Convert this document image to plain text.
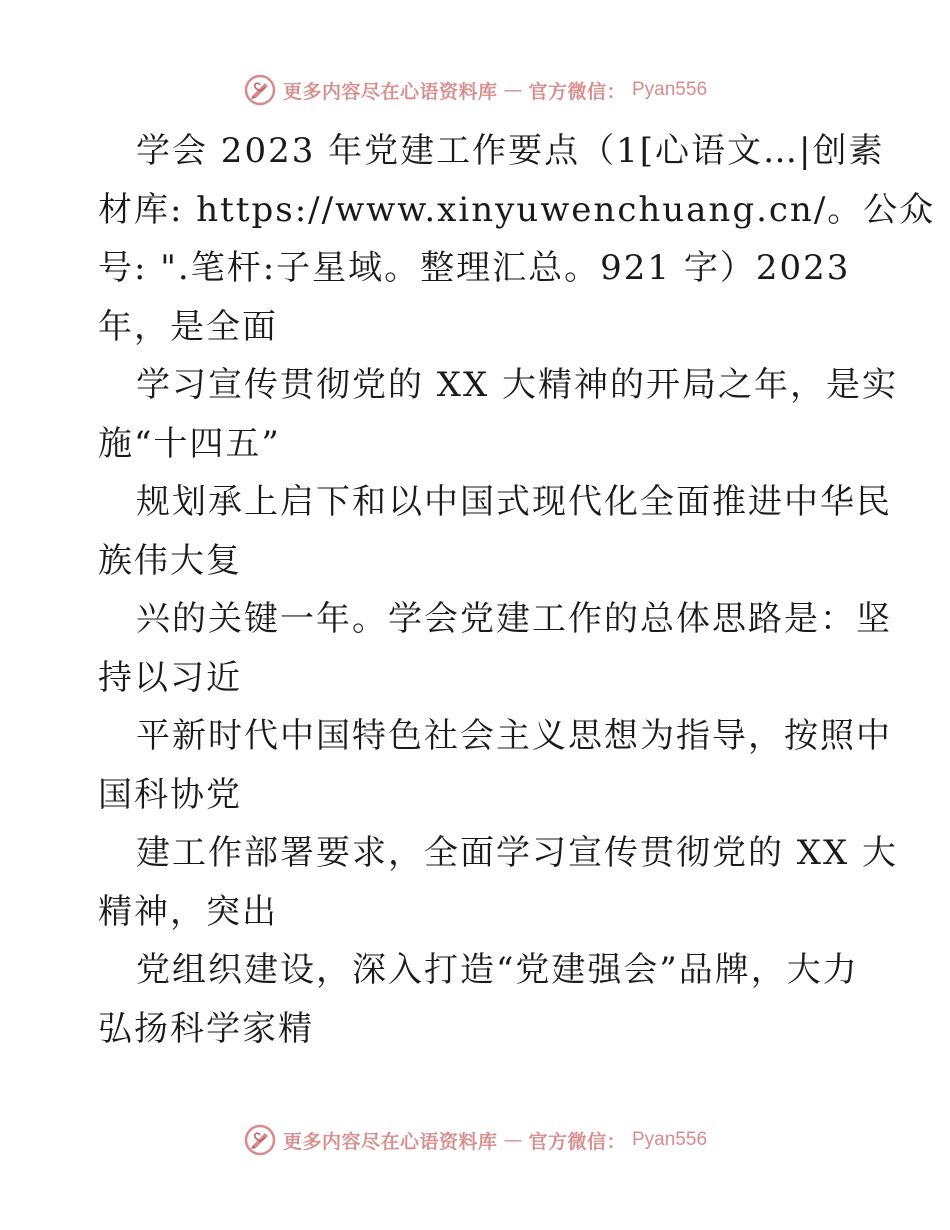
更多内容尽在心语资料库 — 官方微信： Pyan556
学会 2023 年党建工作要点（1[心语文…|创素
材库: https://www.xinyuwenchuang.cn/。公众
号: ".笔杆:子星域。整理汇总。921 字）2023
年，是全面
学习宣传贯彻党的 XX 大精神的开局之年，是实
施“十四五”
规划承上启下和以中国式现代化全面推进中华民
族伟大复
兴的关键一年。学会党建工作的总体思路是：坚
持以习近
平新时代中国特色社会主义思想为指导，按照中
国科协党
建工作部署要求，全面学习宣传贯彻党的 XX 大
精神，突出
党组织建设，深入打造“党建强会”品牌，大力
弘扬科学家精
更多内容尽在心语资料库 — 官方微信： Pyan556
